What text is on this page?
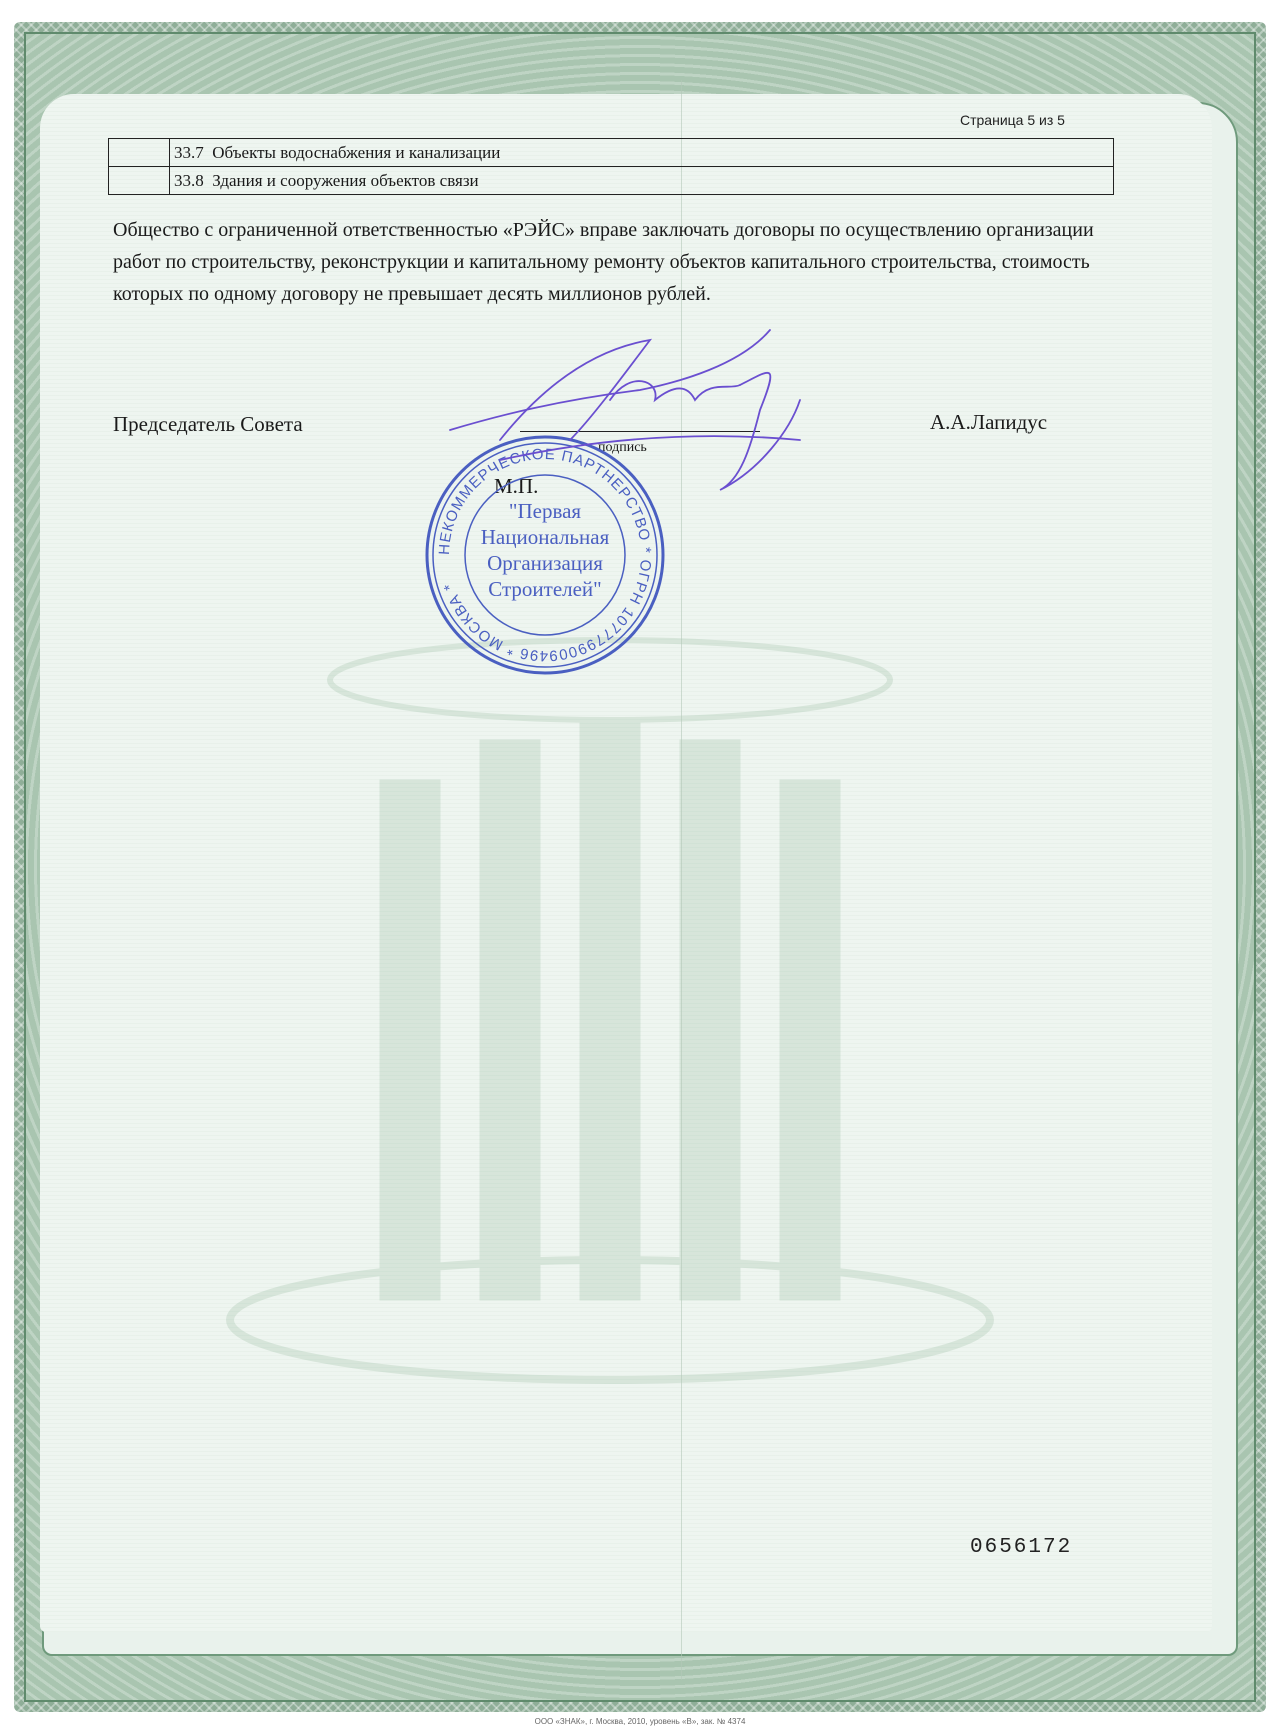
Страница 5 из 5
	33.7 Объекты водоснабжения и канализации
	33.8 Здания и сооружения объектов связи
Общество с ограниченной ответственностью «РЭЙС» вправе заключать договоры по осуществлению организации работ по строительству, реконструкции и капитальному ремонту объектов капитального строительства, стоимость которых по одному договору не превышает десять миллионов рублей.
Председатель Совета
подпись
М.П.
А.А.Лапидус
НЕКОММЕРЧЕСКОЕ ПАРТНЕРСТВО * ОГРН 1077799009496 * МОСКВА *
"Первая
Национальная
Организация
Строителей"
0656172
ООО «ЗНАК», г. Москва, 2010, уровень «В», зак. № 4374
